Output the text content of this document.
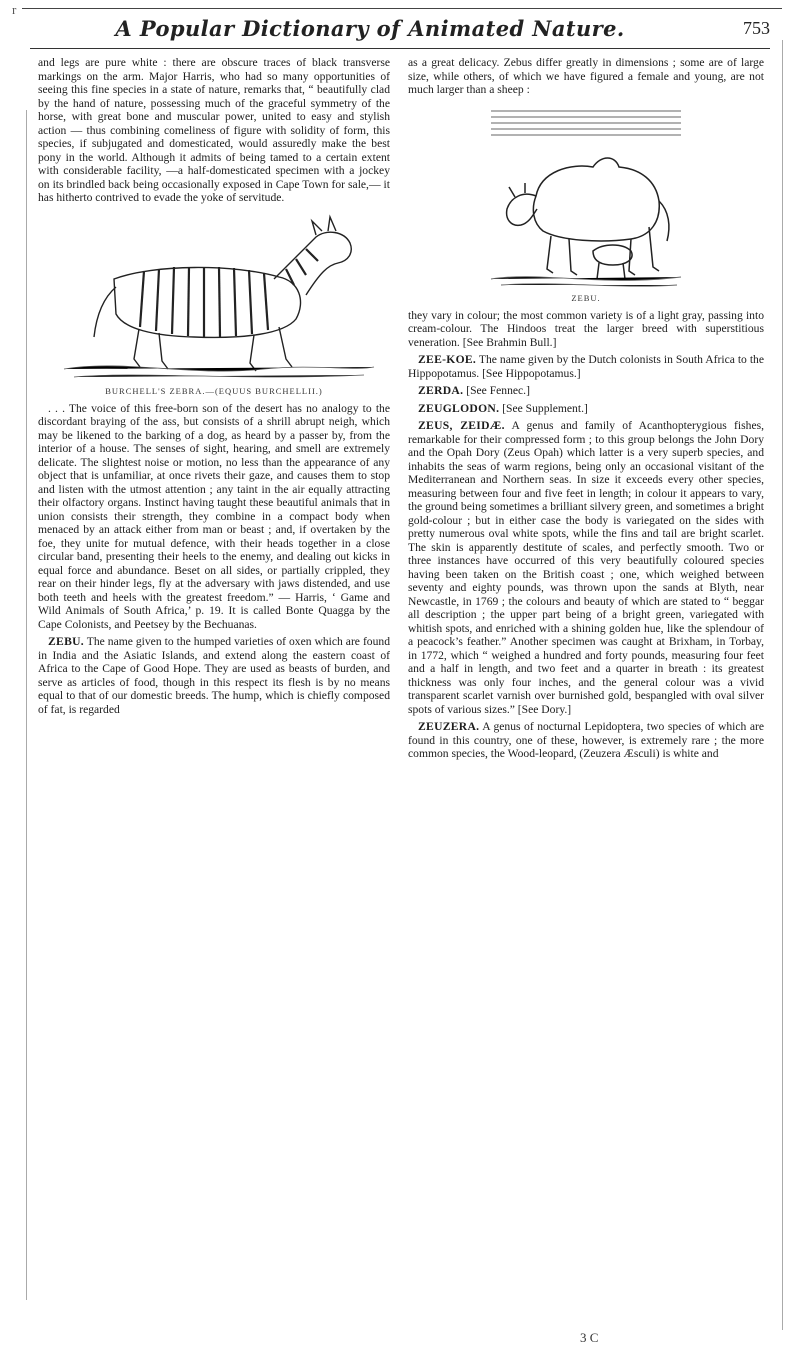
r
A Popular Dictionary of Animated Nature.	753

and legs are pure white : there are obscure traces of black transverse markings on the arm. Major Harris, who had so many opportunities of seeing this fine species in a state of nature, remarks that, “ beautifully clad by the hand of nature, possessing much of the graceful symmetry of the horse, with great bone and muscular power, united to easy and stylish action — thus combining comeliness of figure with solidity of form, this species, if subjugated and domesticated, would assuredly make the best pony in the world. Although it admits of being tamed to a certain extent with considerable facility, —a half-domesticated specimen with a jockey on its brindled back being occasionally exposed in Cape Town for sale,— it has hitherto contrived to evade the yoke of servitude.

BURCHELL'S ZEBRA.—(EQUUS BURCHELLII.)

. . . The voice of this free-born son of the desert has no analogy to the discordant braying of the ass, but consists of a shrill abrupt neigh, which may be likened to the barking of a dog, as heard by a passer by, from the interior of a house. The senses of sight, hearing, and smell are extremely delicate. The slightest noise or motion, no less than the appearance of any object that is unfamiliar, at once rivets their gaze, and causes them to stop and listen with the utmost attention ; any taint in the air equally attracting their olfactory organs. Instinct having taught these beautiful animals that in union consists their strength, they combine in a compact body when menaced by an attack either from man or beast ; and, if overtaken by the foe, they unite for mutual defence, with their heads together in a close circular band, presenting their heels to the enemy, and dealing out kicks in equal force and abundance. Beset on all sides, or partially crippled, they rear on their hinder legs, fly at the adversary with jaws distended, and use both teeth and heels with the greatest freedom.” — Harris, ‘ Game and Wild Animals of South Africa,’ p. 19. It is called Bonte Quagga by the Cape Colonists, and Peetsey by the Bechuanas.

ZEBU. The name given to the humped varieties of oxen which are found in India and the Asiatic Islands, and extend along the eastern coast of Africa to the Cape of Good Hope. They are used as beasts of burden, and serve as articles of food, though in this respect its flesh is by no means equal to that of our domestic breeds. The hump, which is chiefly composed of fat, is regarded

as a great delicacy. Zebus differ greatly in dimensions ; some are of large size, while others, of which we have figured a female and young, are not much larger than a sheep :

ZEBU.

they vary in colour; the most common variety is of a light gray, passing into cream-colour. The Hindoos treat the larger breed with superstitious veneration. [See Brahmin Bull.]

ZEE-KOE. The name given by the Dutch colonists in South Africa to the Hippopotamus. [See Hippopotamus.]

ZERDA. [See Fennec.]

ZEUGLODON. [See Supplement.]

ZEUS, ZEIDÆ. A genus and family of Acanthopterygious fishes, remarkable for their compressed form ; to this group belongs the John Dory and the Opah Dory (Zeus Opah) which latter is a very superb species, and inhabits the seas of warm regions, being only an occasional visitant of the Mediterranean and Northern seas. In size it exceeds every other species, measuring between four and five feet in length; in colour it appears to vary, the ground being sometimes a brilliant silvery green, and sometimes a bright gold-colour ; but in either case the body is variegated on the sides with pretty numerous oval white spots, while the fins and tail are bright scarlet. The skin is apparently destitute of scales, and perfectly smooth. Two or three instances have occurred of this very beautifully coloured species having been taken on the British coast ; one, which weighed between seventy and eighty pounds, was thrown upon the sands at Blyth, near Newcastle, in 1769 ; the colours and beauty of which are stated to “ beggar all description ; the upper part being of a bright green, variegated with whitish spots, and enriched with a shining golden hue, like the splendour of a peacock’s feather.” Another specimen was caught at Brixham, in Torbay, in 1772, which “ weighed a hundred and forty pounds, measuring four feet and a half in length, and two feet and a quarter in breath : its greatest thickness was only four inches, and the general colour was a vivid transparent scarlet varnish over burnished gold, bespangled with oval silver spots of various sizes.” [See Dory.]

ZEUZERA. A genus of nocturnal Lepidoptera, two species of which are found in this country, one of these, however, is extremely rare ; the more common species, the Wood-leopard, (Zeuzera Æsculi) is white and

3 C
